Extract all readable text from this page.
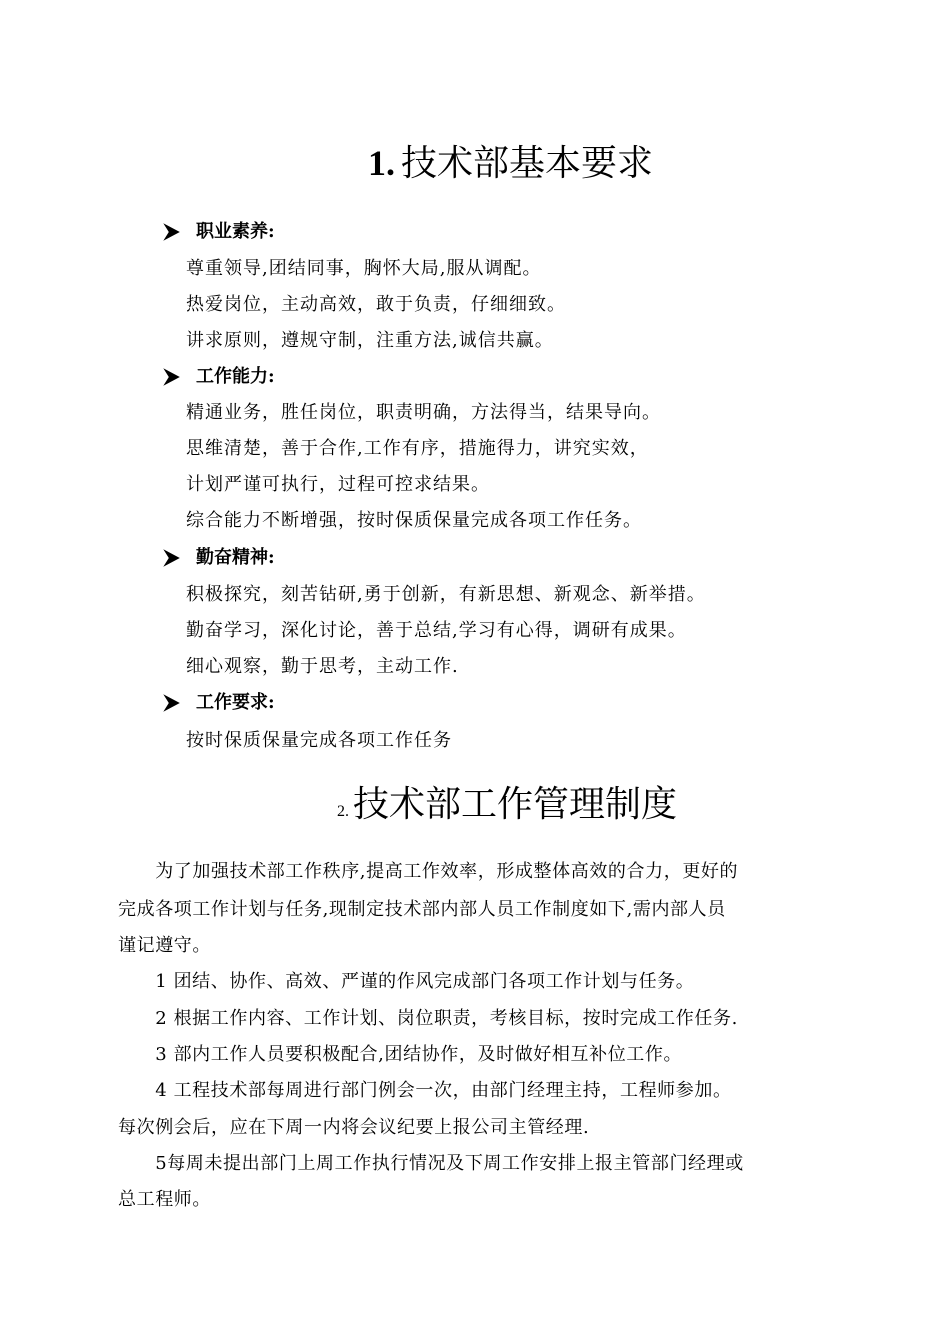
1. 技术部基本要求
职业素养:
尊重领导,团结同事，胸怀大局,服从调配。
热爱岗位，主动高效，敢于负责，仔细细致。
讲求原则，遵规守制，注重方法,诚信共赢。
工作能力:
精通业务，胜任岗位，职责明确，方法得当，结果导向。
思维清楚，善于合作,工作有序，措施得力，讲究实效，
计划严谨可执行，过程可控求结果。
综合能力不断增强，按时保质保量完成各项工作任务。
勤奋精神:
积极探究，刻苦钻研,勇于创新，有新思想、新观念、新举措。
勤奋学习，深化讨论，善于总结,学习有心得，调研有成果。
细心观察，勤于思考，主动工作.
工作要求:
按时保质保量完成各项工作任务
2. 技术部工作管理制度
　　为了加强技术部工作秩序,提高工作效率，形成整体高效的合力，更好的
完成各项工作计划与任务,现制定技术部内部人员工作制度如下,需内部人员
谨记遵守。
　　1 团结、协作、高效、严谨的作风完成部门各项工作计划与任务。
　　2 根据工作内容、工作计划、岗位职责，考核目标，按时完成工作任务.
　　3 部内工作人员要积极配合,团结协作，及时做好相互补位工作。
　　4 工程技术部每周进行部门例会一次，由部门经理主持，工程师参加。
每次例会后，应在下周一内将会议纪要上报公司主管经理.
　　5每周未提出部门上周工作执行情况及下周工作安排上报主管部门经理或
总工程师。
